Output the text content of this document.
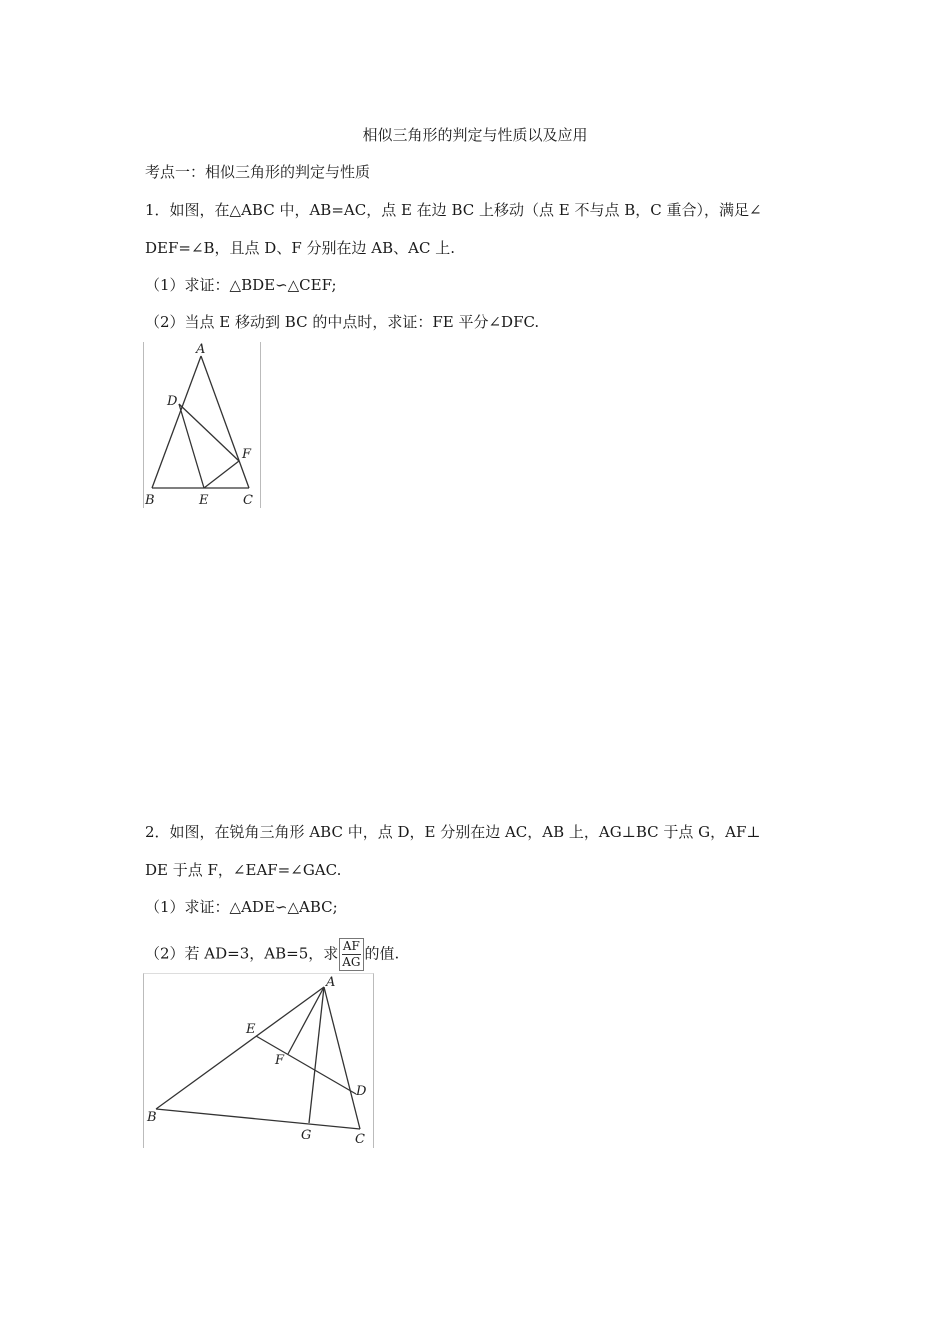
相似三角形的判定与性质以及应用
考点一：相似三角形的判定与性质
1．如图，在△ABC 中，AB=AC，点 E 在边 BC 上移动（点 E 不与点 B，C 重合），满足∠
DEF=∠B，且点 D、F 分别在边 AB、AC 上.
（1）求证：△BDE∽△CEF;
（2）当点 E 移动到 BC 的中点时，求证：FE 平分∠DFC.
A
D
F
B	E	C
2．如图，在锐角三角形 ABC 中，点 D，E 分别在边 AC，AB 上，AG⊥BC 于点 G，AF⊥
DE 于点 F，∠EAF=∠GAC.
（1）求证：△ADE∽△ABC;
（2）若 AD=3，AB=5，求 $\frac{AF}{AG}$ 的值.
A
E
F
D
B
G	C
